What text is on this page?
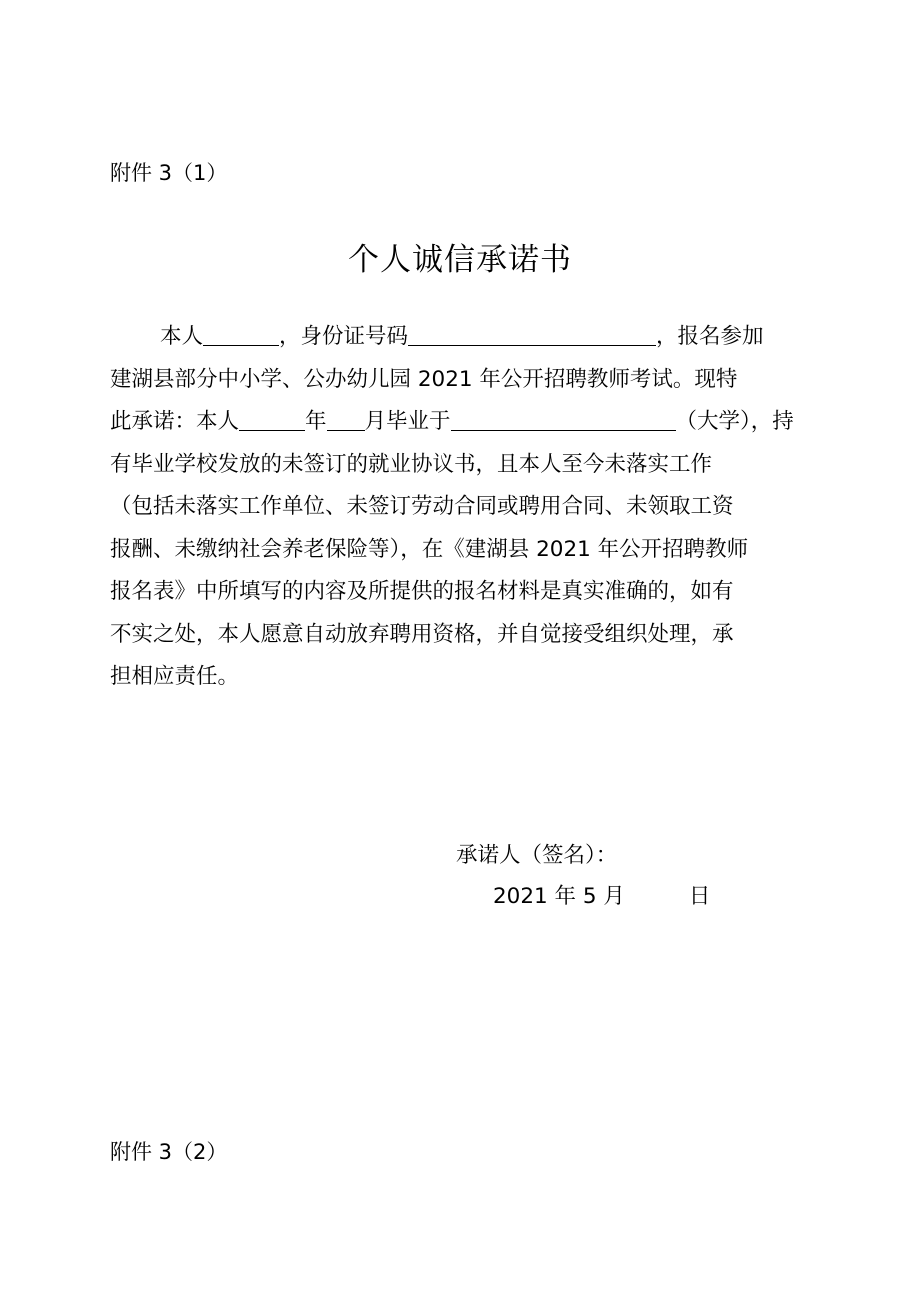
附件 3（1）
个人诚信承诺书
本人	，身份证号码	，报名参加
建湖县部分中小学、公办幼儿园 2021 年公开招聘教师考试。现特
此承诺：本人	年 月毕业于	（大学），持
有毕业学校发放的未签订的就业协议书，且本人至今未落实工作
（包括未落实工作单位、未签订劳动合同或聘用合同、未领取工资
报酬、未缴纳社会养老保险等），在《建湖县 2021 年公开招聘教师
报名表》中所填写的内容及所提供的报名材料是真实准确的，如有
不实之处，本人愿意自动放弃聘用资格，并自觉接受组织处理，承
担相应责任。
承诺人（签名）：
2021 年 5 月	日
附件 3（2）
